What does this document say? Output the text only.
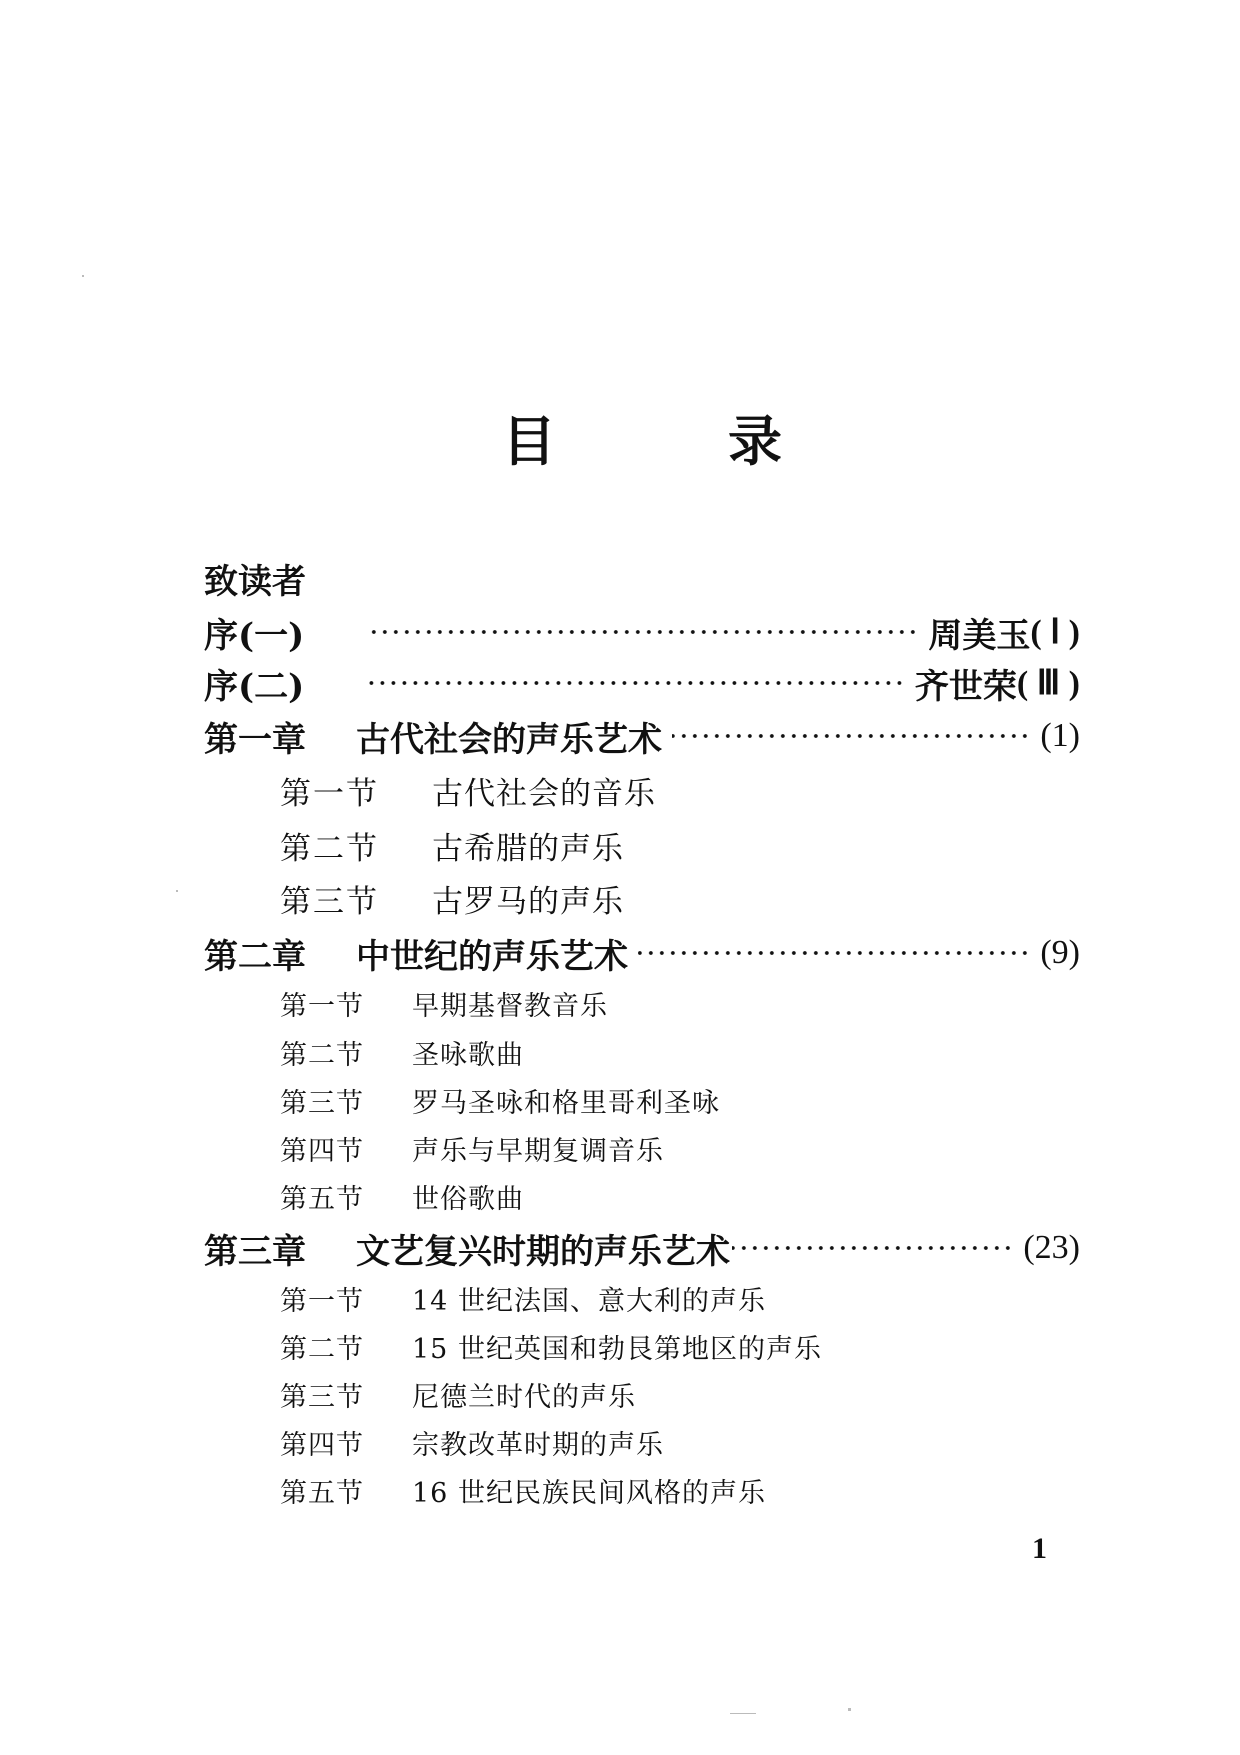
目	录
致读者
序(一)	周美玉 ( Ⅰ )
序(二)	齐世荣 ( Ⅲ )
第一章	古代社会的声乐艺术	(1)
第一节	古代社会的音乐
第二节	古希腊的声乐
第三节	古罗马的声乐
第二章	中世纪的声乐艺术	(9)
第一节	早期基督教音乐
第二节	圣咏歌曲
第三节	罗马圣咏和格里哥利圣咏
第四节	声乐与早期复调音乐
第五节	世俗歌曲
第三章	文艺复兴时期的声乐艺术	(23)
第一节	14 世纪法国、意大利的声乐
第二节	15 世纪英国和勃艮第地区的声乐
第三节	尼德兰时代的声乐
第四节	宗教改革时期的声乐
第五节	16 世纪民族民间风格的声乐
1
